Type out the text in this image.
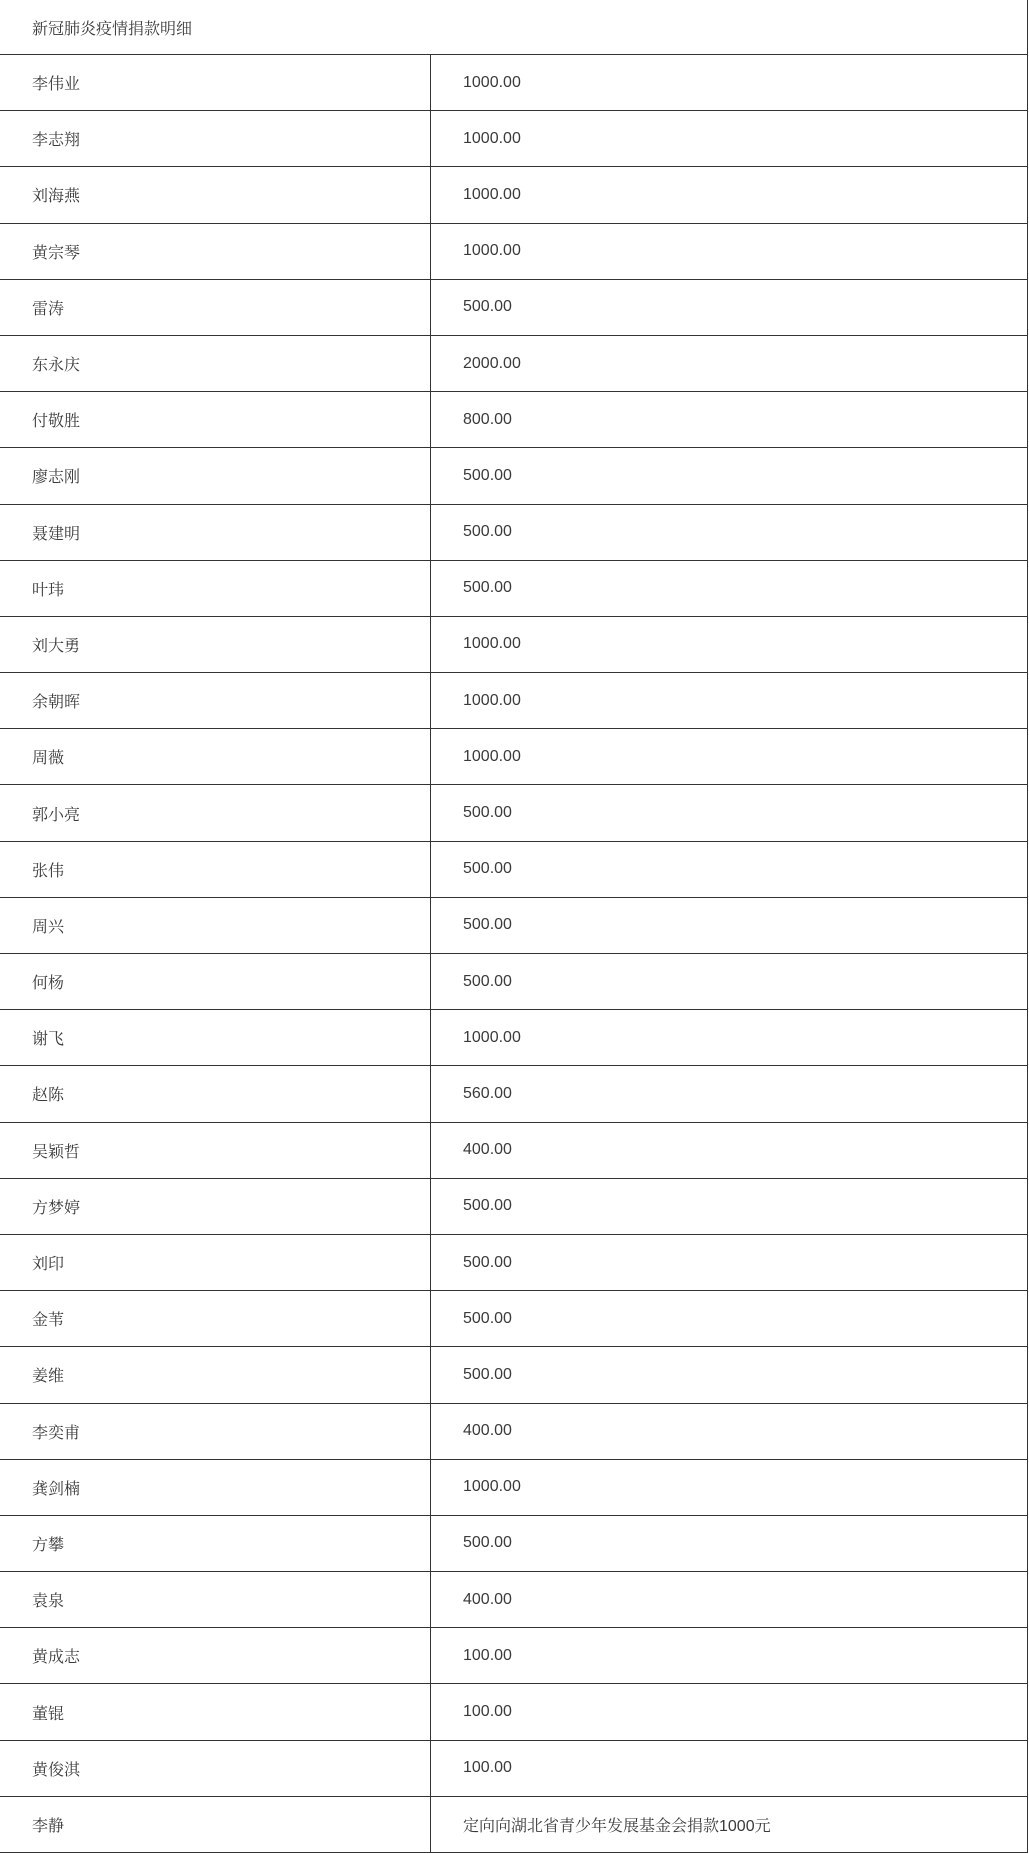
新冠肺炎疫情捐款明细	
李伟业	1000.00
李志翔	1000.00
刘海燕	1000.00
黄宗琴	1000.00
雷涛	500.00
东永庆	2000.00
付敬胜	800.00
廖志刚	500.00
聂建明	500.00
叶玮	500.00
刘大勇	1000.00
余朝晖	1000.00
周薇	1000.00
郭小亮	500.00
张伟	500.00
周兴	500.00
何杨	500.00
谢飞	1000.00
赵陈	560.00
吴颖哲	400.00
方梦婷	500.00
刘印	500.00
金苇	500.00
姜维	500.00
李奕甫	400.00
龚剑楠	1000.00
方攀	500.00
袁泉	400.00
黄成志	100.00
董锟	100.00
黄俊淇	100.00
李静	定向向湖北省青少年发展基金会捐款1000元
